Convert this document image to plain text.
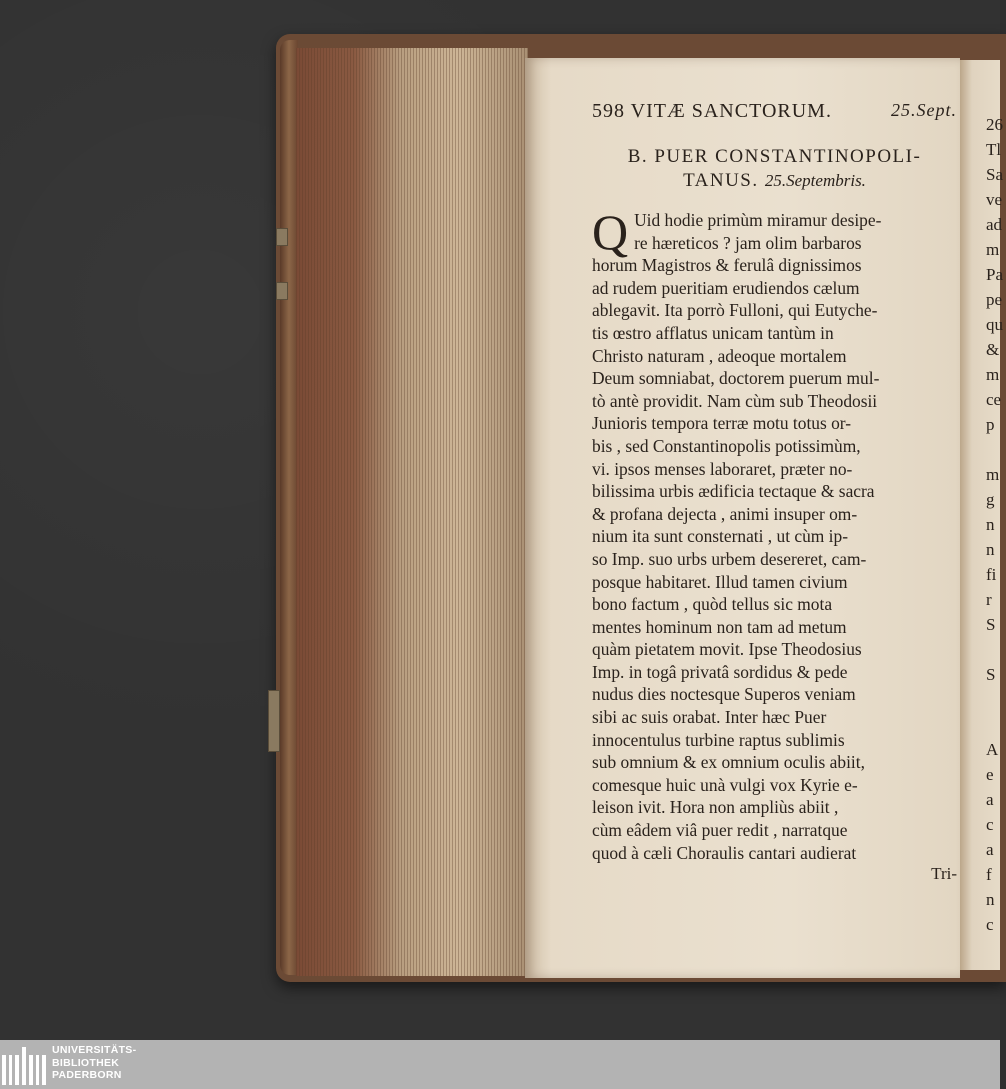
598 VITÆ SANCTORUM.	25.Sept.
B. PUER CONSTANTINOPOLI-
TANUS. 25.Septembris.
Q Uid hodie primùm miramur desipe-
re hæreticos ? jam olim barbaros
horum Magistros & ferulâ dignissimos
ad rudem pueritiam erudiendos cælum
ablegavit. Ita porrò Fulloni, qui Eutyche-
tis œstro afflatus unicam tantùm in
Christo naturam , adeoque mortalem
Deum somniabat, doctorem puerum mul-
tò antè providit. Nam cùm sub Theodosii
Junioris tempora terræ motu totus or-
bis , sed Constantinopolis potissimùm,
vi. ipsos menses laboraret, præter no-
bilissima urbis ædificia tectaque & sacra
& profana dejecta , animi insuper om-
nium ita sunt consternati , ut cùm ip-
so Imp. suo urbs urbem desereret, cam-
posque habitaret. Illud tamen civium
bono factum , quòd tellus sic mota
mentes hominum non tam ad metum
quàm pietatem movit. Ipse Theodosius
Imp. in togâ privatâ sordidus & pede
nudus dies noctesque Superos veniam
sibi ac suis orabat. Inter hæc Puer
innocentulus turbine raptus sublimis
sub omnium & ex omnium oculis abiit,
comesque huic unà vulgi vox Kyrie e-
leison ivit. Hora non ampliùs abiit ,
cùm eâdem viâ puer redit , narratque
quod à cæli Choraulis cantari audierat
Tri-
26
Tl
Sa
ve
ad
m
Pa
pe
qu
&
m
ce
p
m
g
n
n
fi
r
S
S
A
e
a
c
a
f
n
c
UNIVERSITÄTS-
BIBLIOTHEK
PADERBORN
